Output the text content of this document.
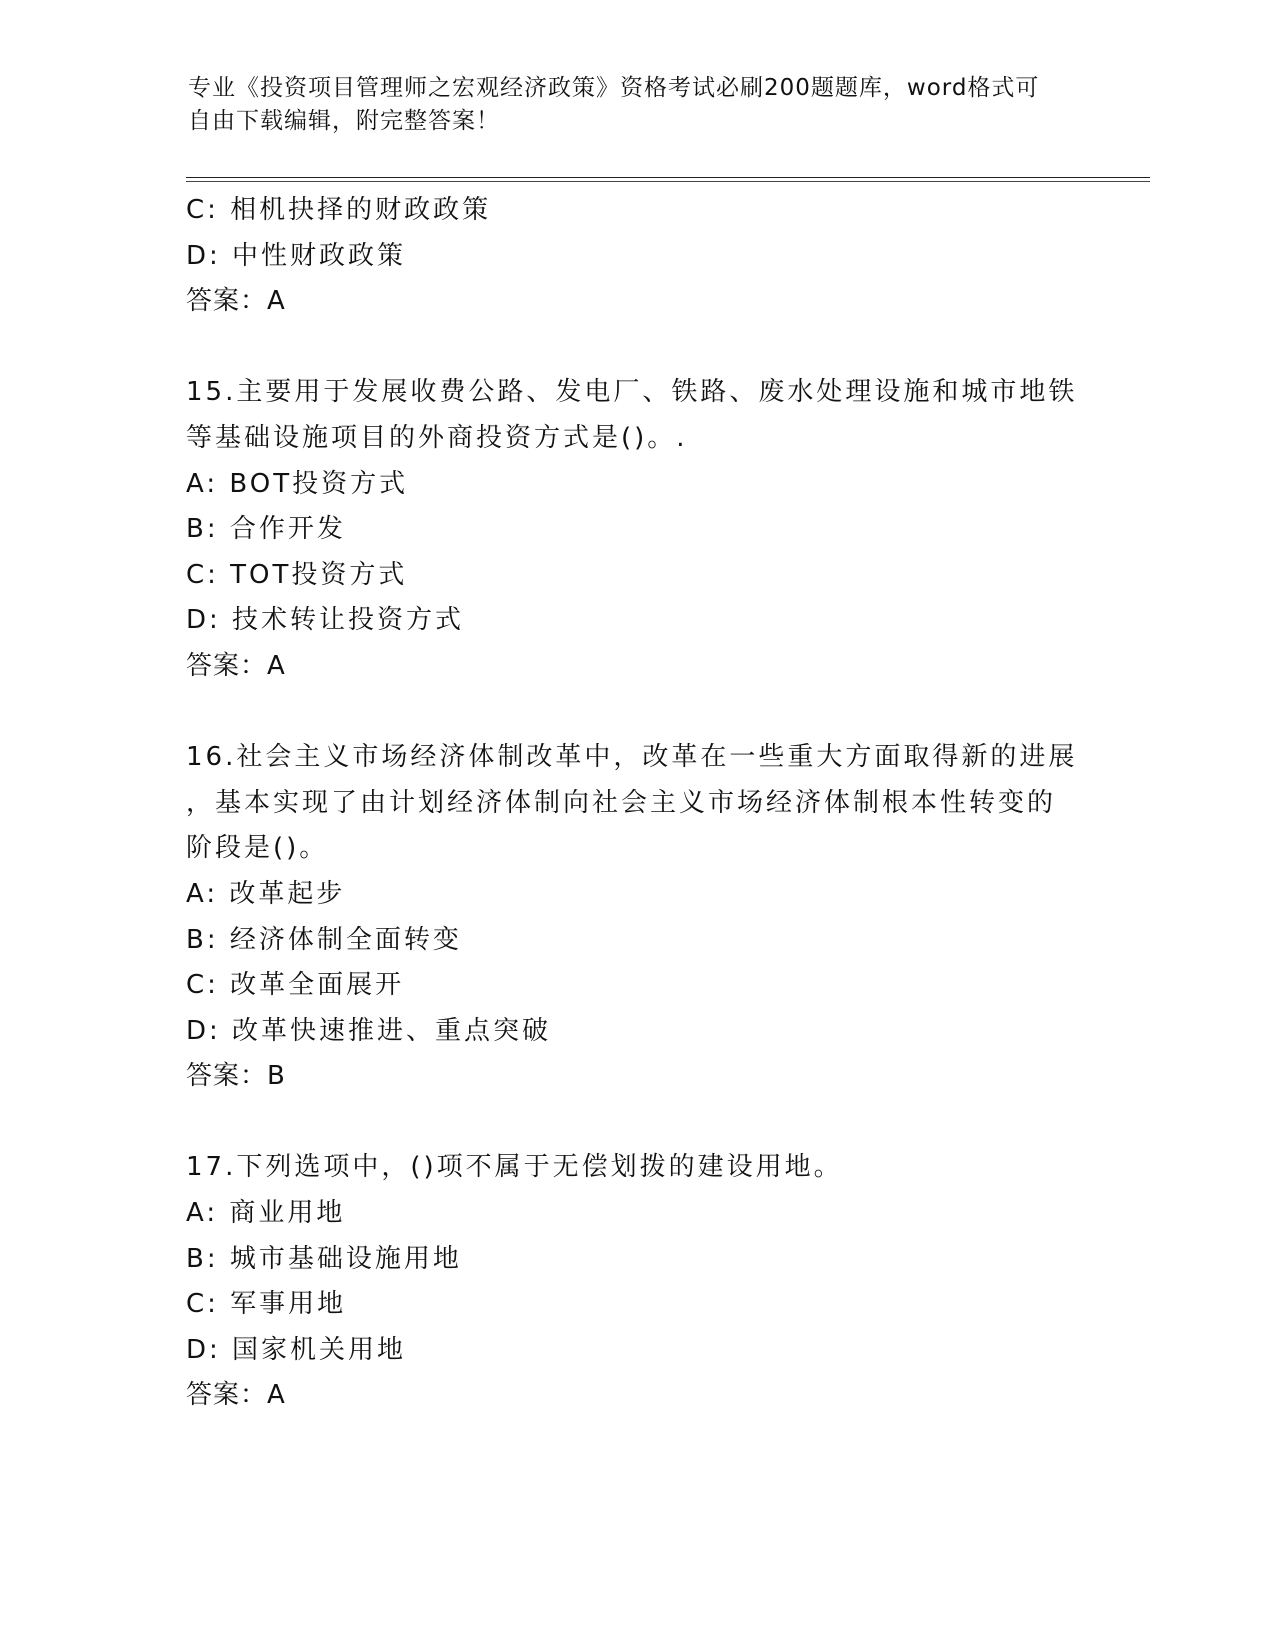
专业《投资项目管理师之宏观经济政策》资格考试必刷200题题库，word格式可
自由下载编辑，附完整答案！
C: 相机抉择的财政政策
D: 中性财政政策
答案：A
15.主要用于发展收费公路、发电厂、铁路、废水处理设施和城市地铁
等基础设施项目的外商投资方式是()。.
A: BOT投资方式
B: 合作开发
C: TOT投资方式
D: 技术转让投资方式
答案：A
16.社会主义市场经济体制改革中，改革在一些重大方面取得新的进展
，基本实现了由计划经济体制向社会主义市场经济体制根本性转变的
阶段是()。
A: 改革起步
B: 经济体制全面转变
C: 改革全面展开
D: 改革快速推进、重点突破
答案：B
17.下列选项中，()项不属于无偿划拨的建设用地。
A: 商业用地
B: 城市基础设施用地
C: 军事用地
D: 国家机关用地
答案：A
